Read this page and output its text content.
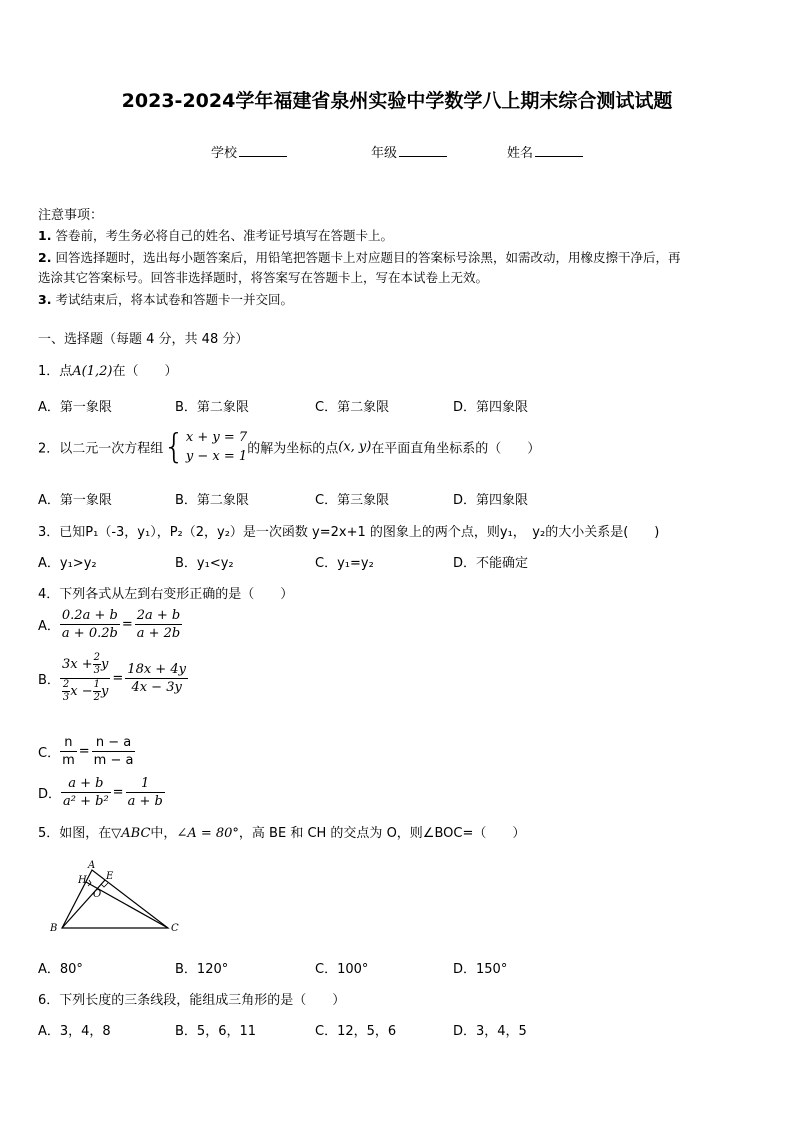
2023-2024学年福建省泉州实验中学数学八上期末综合测试试题
学校	年级	姓名
注意事项：
1. 答卷前，考生务必将自己的姓名、准考证号填写在答题卡上。
2. 回答选择题时，选出每小题答案后，用铅笔把答题卡上对应题目的答案标号涂黑，如需改动，用橡皮擦干净后，再
选涂其它答案标号。回答非选择题时，将答案写在答题卡上，写在本试卷上无效。
3. 考试结束后，将本试卷和答题卡一并交回。
一、选择题（每题 4 分，共 48 分）
1．点A(1,2)在（　　）
A．第一象限	B．第二象限	C．第二象限	D．第四象限
2．以二元一次方程组{ x + y = 7
y − x = 1 的解为坐标的点(x, y)在平面直角坐标系的（　　）
A．第一象限	B．第二象限	C．第三象限	D．第四象限
3．已知P₁（-3，y₁），P₂（2，y₂）是一次函数 y=2x+1 的图象上的两个点，则y₁，　y₂的大小关系是(　　)
A．y₁>y₂	B．y₁<y₂	C．y₁=y₂	D．不能确定
4．下列各式从左到右变形正确的是（　　）
A． $\frac{0.2a + b}{a + 0.2b} = \frac{2a + b}{a + 2b}$
B． $\frac{3x + \frac{2}{3} y}{\frac{2}{3} x - \frac{1}{2} y} = \frac{18x + 4y}{4x - 3y}$
C． $\frac{n}{m} = \frac{n - a}{m - a}$
D． $\frac{a + b}{\text{a² + b²}} = \frac{1}{a + b}$
5．如图，在▽ABC中，∠A = 80°，高 BE 和 CH 的交点为 O，则∠BOC=（　　）
A
B	C
E
H
O
A．80°	B．120°	C．100°	D．150°
6．下列长度的三条线段，能组成三角形的是（　　）
A．3，4，8	B．5，6，11	C．12，5，6	D．3，4，5
